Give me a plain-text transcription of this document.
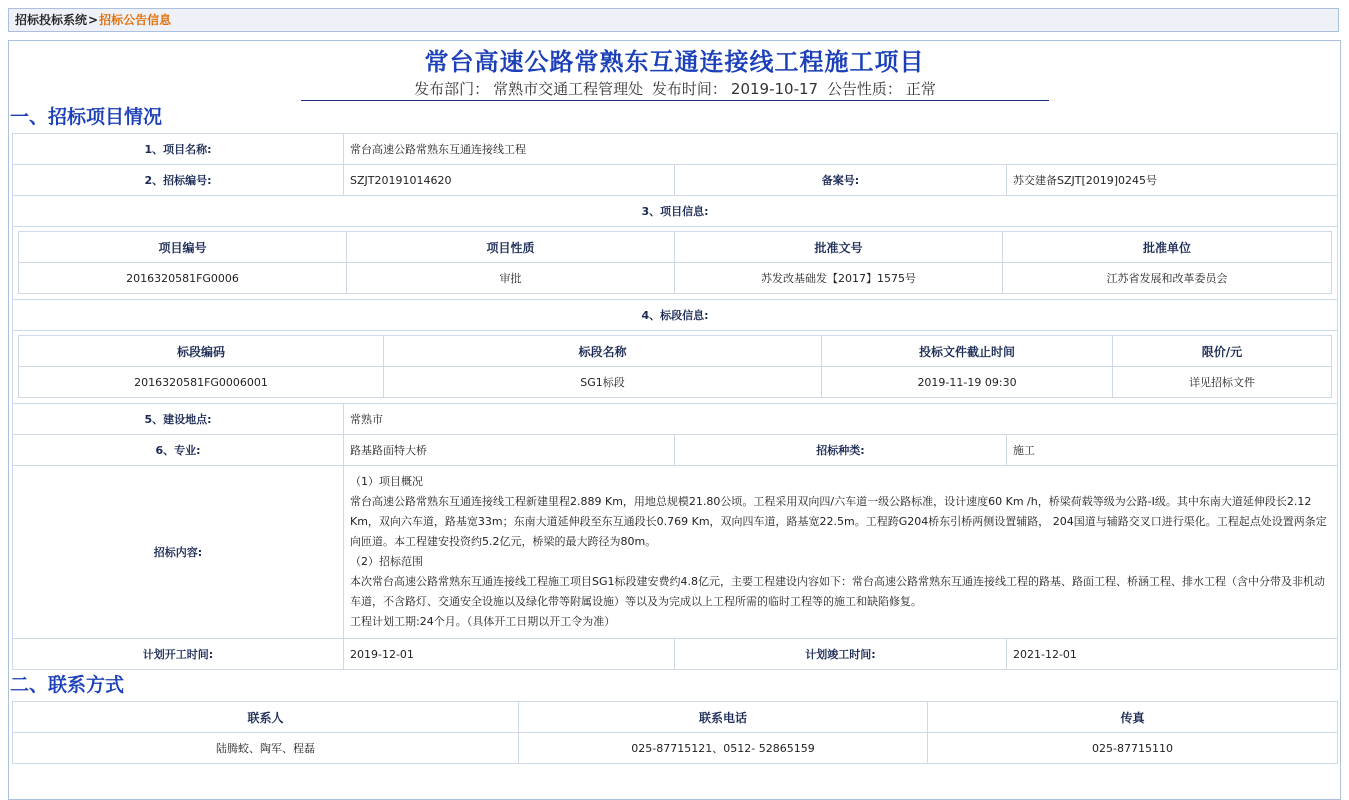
招标投标系统>招标公告信息
常台高速公路常熟东互通连接线工程施工项目
发布部门： 常熟市交通工程管理处 发布时间： 2019-10-17 公告性质： 正常
一、招标项目情况
1、项目名称:	常台高速公路常熟东互通连接线工程		
2、招标编号:	SZJT20191014620	备案号:	苏交建备SZJT[2019]0245号
3、项目信息:			

4、标段信息:			

5、建设地点:	常熟市		
6、专业:	路基路面特大桥	招标种类:	施工
招标内容:	（1）项目概况
常台高速公路常熟东互通连接线工程新建里程2.889 Km，用地总规模21.80公顷。工程采用双向四/六车道一级公路标准，设计速度60 Km /h，桥梁荷载等级为公路-Ⅰ级。其中东南大道延伸段长2.12 Km，双向六车道，路基宽33m；东南大道延伸段至东互通段长0.769 Km，双向四车道，路基宽22.5m。工程跨G204桥东引桥两侧设置辅路， 204国道与辅路交叉口进行渠化。工程起点处设置两条定向匝道。本工程建安投资约5.2亿元，桥梁的最大跨径为80m。
（2）招标范围
本次常台高速公路常熟东互通连接线工程施工项目SG1标段建安费约4.8亿元，主要工程建设内容如下：常台高速公路常熟东互通连接线工程的路基、路面工程、桥涵工程、排水工程（含中分带及非机动车道，不含路灯、交通安全设施以及绿化带等附属设施）等以及为完成以上工程所需的临时工程等的施工和缺陷修复。
工程计划工期:24个月。（具体开工日期以开工令为准）		

计划开工时间:	2019-12-01	计划竣工时间:	2021-12-01
项目编号	项目性质	批准文号	批准单位
2016320581FG0006	审批	苏发改基础发【2017】1575号	江苏省发展和改革委员会
标段编码	标段名称	投标文件截止时间	限价/元
2016320581FG0006001	SG1标段	2019-11-19 09:30	详见招标文件
二、联系方式
联系人	联系电话	传真
陆腾蛟、陶军、程磊	025-87715121、0512- 52865159	025-87715110
